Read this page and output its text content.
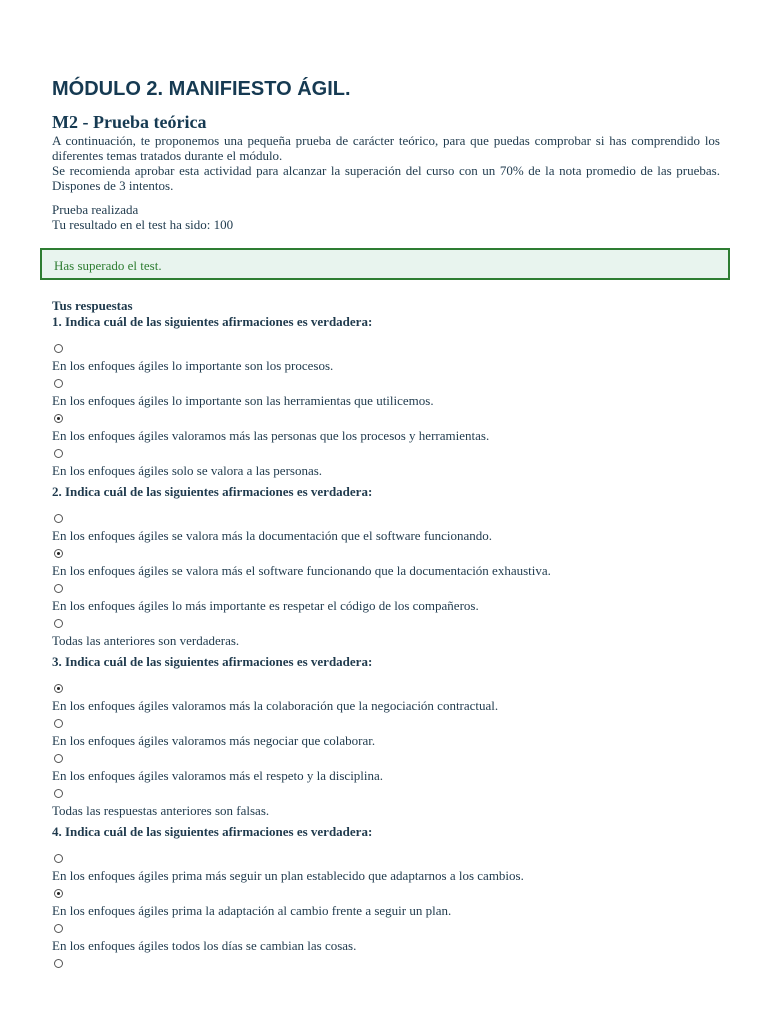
MÓDULO 2. MANIFIESTO ÁGIL.
M2 - Prueba teórica

A continuación, te proponemos una pequeña prueba de carácter teórico, para que puedas comprobar si has comprendido los diferentes temas tratados durante el módulo.

Se recomienda aprobar esta actividad para alcanzar la superación del curso con un 70% de la nota promedio de las pruebas. Dispones de 3 intentos.

Prueba realizada
Tu resultado en el test ha sido: 100
Has superado el test.
Tus respuestas
1. Indica cuál de las siguientes afirmaciones es verdadera:
En los enfoques ágiles lo importante son los procesos.
En los enfoques ágiles lo importante son las herramientas que utilicemos.
En los enfoques ágiles valoramos más las personas que los procesos y herramientas.
En los enfoques ágiles solo se valora a las personas.
2. Indica cuál de las siguientes afirmaciones es verdadera:
En los enfoques ágiles se valora más la documentación que el software funcionando.
En los enfoques ágiles se valora más el software funcionando que la documentación exhaustiva.
En los enfoques ágiles lo más importante es respetar el código de los compañeros.
Todas las anteriores son verdaderas.
3. Indica cuál de las siguientes afirmaciones es verdadera:
En los enfoques ágiles valoramos más la colaboración que la negociación contractual.
En los enfoques ágiles valoramos más negociar que colaborar.
En los enfoques ágiles valoramos más el respeto y la disciplina.
Todas las respuestas anteriores son falsas.
4. Indica cuál de las siguientes afirmaciones es verdadera:
En los enfoques ágiles prima más seguir un plan establecido que adaptarnos a los cambios.
En los enfoques ágiles prima la adaptación al cambio frente a seguir un plan.
En los enfoques ágiles todos los días se cambian las cosas.
